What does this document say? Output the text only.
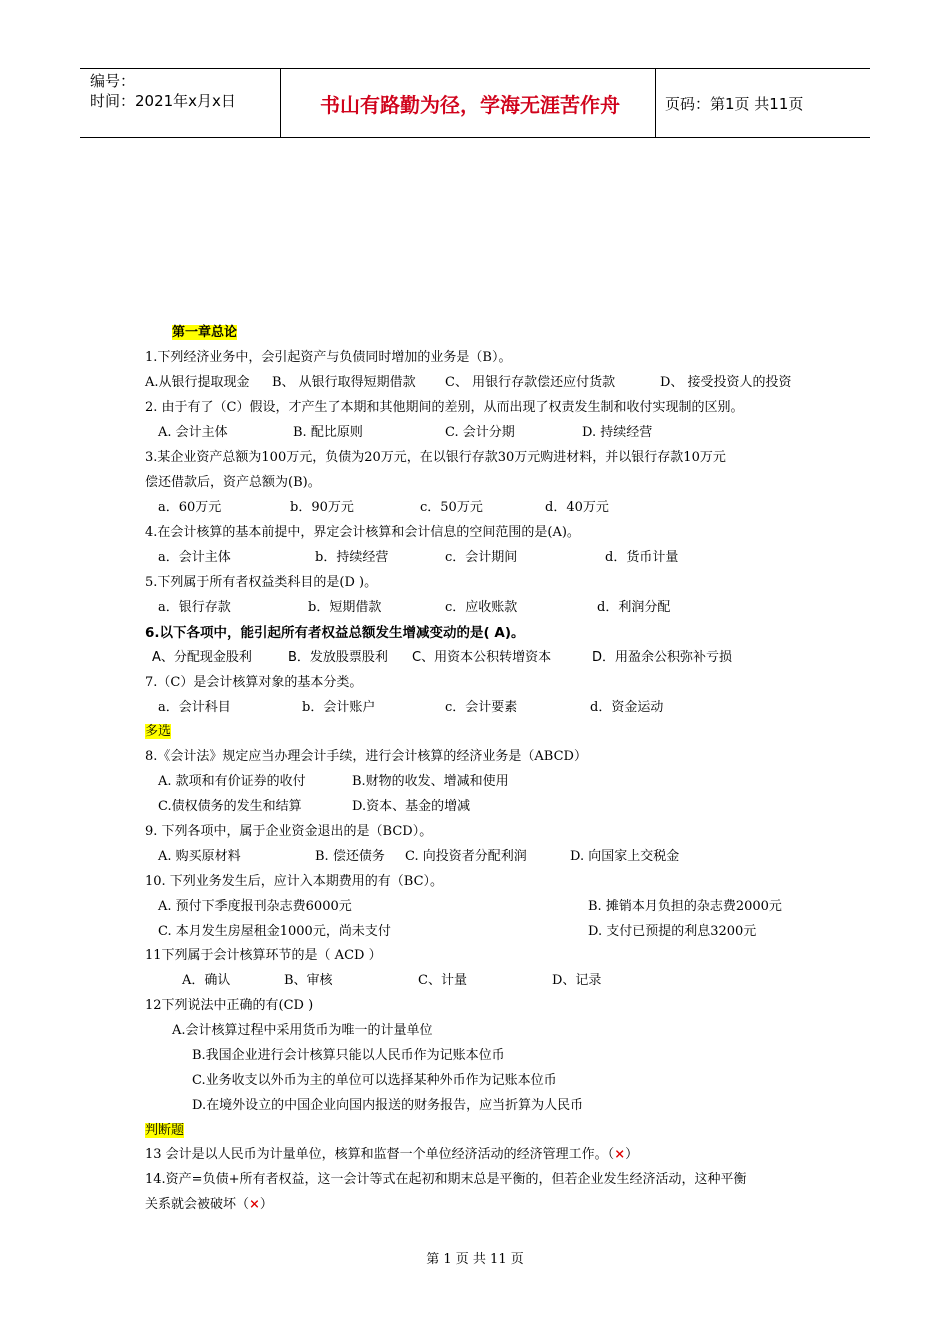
编号：
时间：2021年x月x日	书山有路勤为径，学海无涯苦作舟	页码：第1页 共11页
第一章总论
1.下列经济业务中，会引起资产与负债同时增加的业务是（B）。
A.从银行提取现金 B、 从银行取得短期借款 C、 用银行存款偿还应付货款	D、 接受投资人的投资
2. 由于有了（C）假设，才产生了本期和其他期间的差别，从而出现了权责发生制和收付实现制的区别。
A. 会计主体	B. 配比原则	C. 会计分期	D. 持续经营
3.某企业资产总额为100万元，负债为20万元，在以银行存款30万元购进材料，并以银行存款10万元
偿还借款后，资产总额为(B)。
a．60万元	b．90万元	c．50万元	d．40万元
4.在会计核算的基本前提中，界定会计核算和会计信息的空间范围的是(A)。
a．会计主体	b．持续经营	c．会计期间	d．货币计量
5.下列属于所有者权益类科目的是(D )。
a．银行存款	b．短期借款	c．应收账款	d．利润分配
6.以下各项中，能引起所有者权益总额发生增减变动的是( A)。
A、分配现金股利	B．发放股票股利 C、用资本公积转增资本	D．用盈余公积弥补亏损
7.（C）是会计核算对象的基本分类。
a．会计科目	b．会计账户	c．会计要素	d．资金运动
多选
8.《会计法》规定应当办理会计手续，进行会计核算的经济业务是（ABCD）
A. 款项和有价证券的收付	B.财物的收发、增减和使用
C.债权债务的发生和结算	D.资本、基金的增减
9. 下列各项中，属于企业资金退出的是（BCD）。
A. 购买原材料	B. 偿还债务 C. 向投资者分配利润	D. 向国家上交税金
10. 下列业务发生后，应计入本期费用的有（BC）。
A. 预付下季度报刊杂志费6000元	B. 摊销本月负担的杂志费2000元
C. 本月发生房屋租金1000元，尚未支付	D. 支付已预提的利息3200元
11下列属于会计核算环节的是（ ACD ）
A．确认	B、审核	C、计量	D、记录
12下列说法中正确的有(CD )
A.会计核算过程中采用货币为唯一的计量单位
B.我国企业进行会计核算只能以人民币作为记账本位币
C.业务收支以外币为主的单位可以选择某种外币作为记账本位币
D.在境外设立的中国企业向国内报送的财务报告，应当折算为人民币
判断题
13 会计是以人民币为计量单位，核算和监督一个单位经济活动的经济管理工作。（×）
14.资产=负债+所有者权益，这一会计等式在起初和期末总是平衡的，但若企业发生经济活动，这种平衡
关系就会被破坏（×）
第 1 页 共 11 页
